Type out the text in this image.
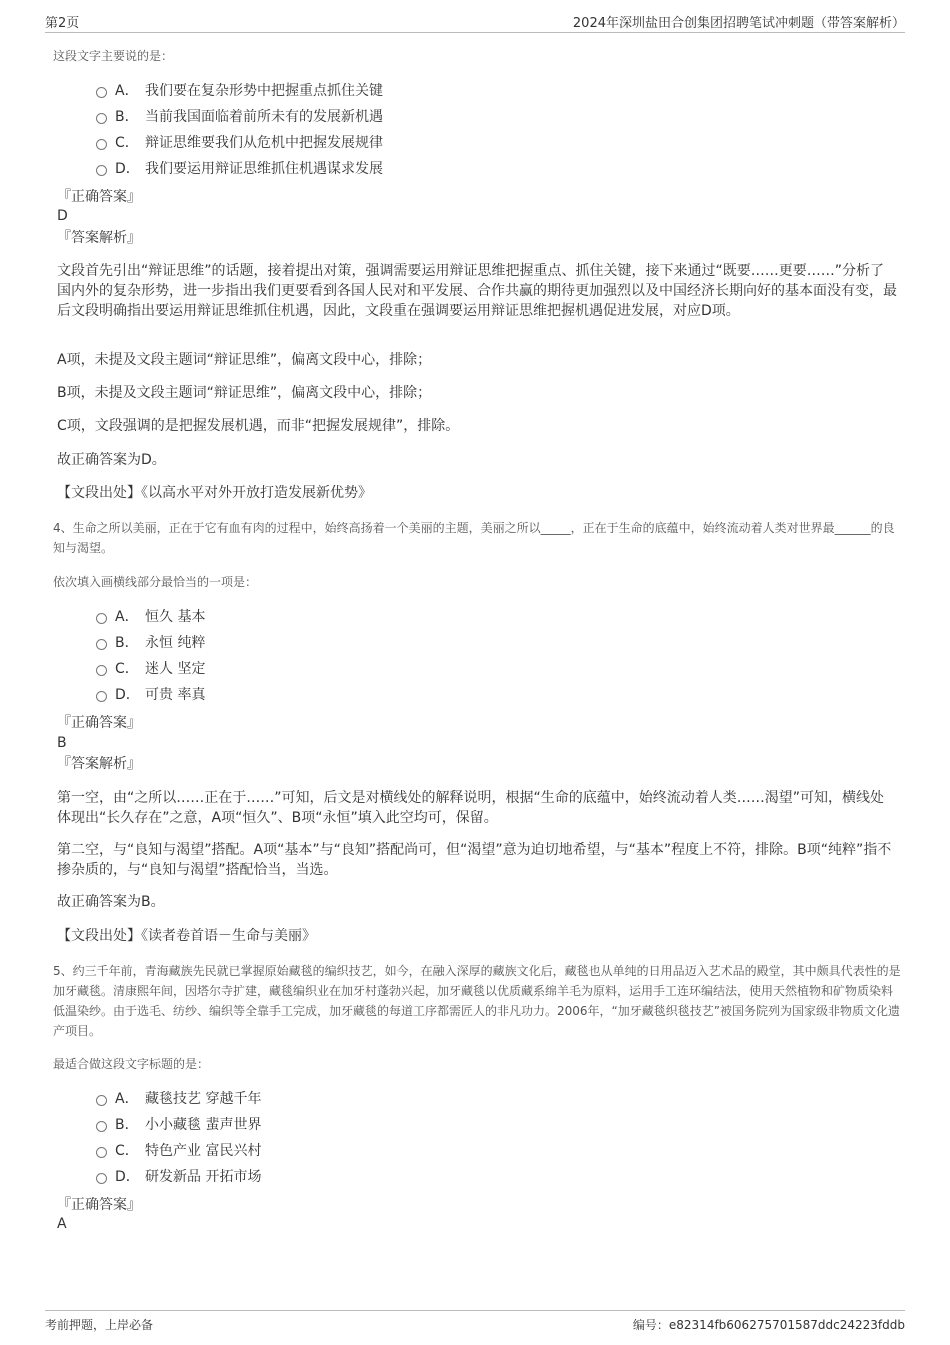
第2页	2024年深圳盐田合创集团招聘笔试冲刺题（带答案解析）
这段文字主要说的是：
A． 我们要在复杂形势中把握重点抓住关键
B． 当前我国面临着前所未有的发展新机遇
C． 辩证思维要我们从危机中把握发展规律
D． 我们要运用辩证思维抓住机遇谋求发展
『正确答案』
D
『答案解析』
文段首先引出“辩证思维”的话题，接着提出对策，强调需要运用辩证思维把握重点、抓住关键，接下来通过“既要……更要……”分析了国内外的复杂形势，进一步指出我们更要看到各国人民对和平发展、合作共赢的期待更加强烈以及中国经济长期向好的基本面没有变，最后文段明确指出要运用辩证思维抓住机遇，因此，文段重在强调要运用辩证思维把握机遇促进发展，对应D项。
A项，未提及文段主题词“辩证思维”，偏离文段中心，排除；
B项，未提及文段主题词“辩证思维”，偏离文段中心，排除；
C项，文段强调的是把握发展机遇，而非“把握发展规律”，排除。
故正确答案为D。
【文段出处】《以高水平对外开放打造发展新优势》
4、生命之所以美丽，正在于它有血有肉的过程中，始终高扬着一个美丽的主题，美丽之所以_____，正在于生命的底蕴中，始终流动着人类对世界最______的良知与渴望。
依次填入画横线部分最恰当的一项是：
A． 恒久 基本
B． 永恒 纯粹
C． 迷人 坚定
D． 可贵 率真
『正确答案』
B
『答案解析』
第一空，由“之所以……正在于……”可知，后文是对横线处的解释说明，根据“生命的底蕴中，始终流动着人类……渴望”可知，横线处体现出“长久存在”之意，A项“恒久”、B项“永恒”填入此空均可，保留。
第二空，与“良知与渴望”搭配。A项“基本”与“良知”搭配尚可，但“渴望”意为迫切地希望，与“基本”程度上不符，排除。B项“纯粹”指不掺杂质的，与“良知与渴望”搭配恰当，当选。
故正确答案为B。
【文段出处】《读者卷首语－生命与美丽》
5、约三千年前，青海藏族先民就已掌握原始藏毯的编织技艺，如今，在融入深厚的藏族文化后，藏毯也从单纯的日用品迈入艺术品的殿堂，其中颇具代表性的是加牙藏毯。清康熙年间，因塔尔寺扩建，藏毯编织业在加牙村蓬勃兴起，加牙藏毯以优质藏系绵羊毛为原料，运用手工连环编结法，使用天然植物和矿物质染料低温染纱。由于选毛、纺纱、编织等全靠手工完成，加牙藏毯的每道工序都需匠人的非凡功力。2006年，“加牙藏毯织毯技艺”被国务院列为国家级非物质文化遗产项目。
最适合做这段文字标题的是：
A． 藏毯技艺 穿越千年
B． 小小藏毯 蜚声世界
C． 特色产业 富民兴村
D． 研发新品 开拓市场
『正确答案』
A
考前押题，上岸必备	编号：e82314fb606275701587ddc24223fddb
